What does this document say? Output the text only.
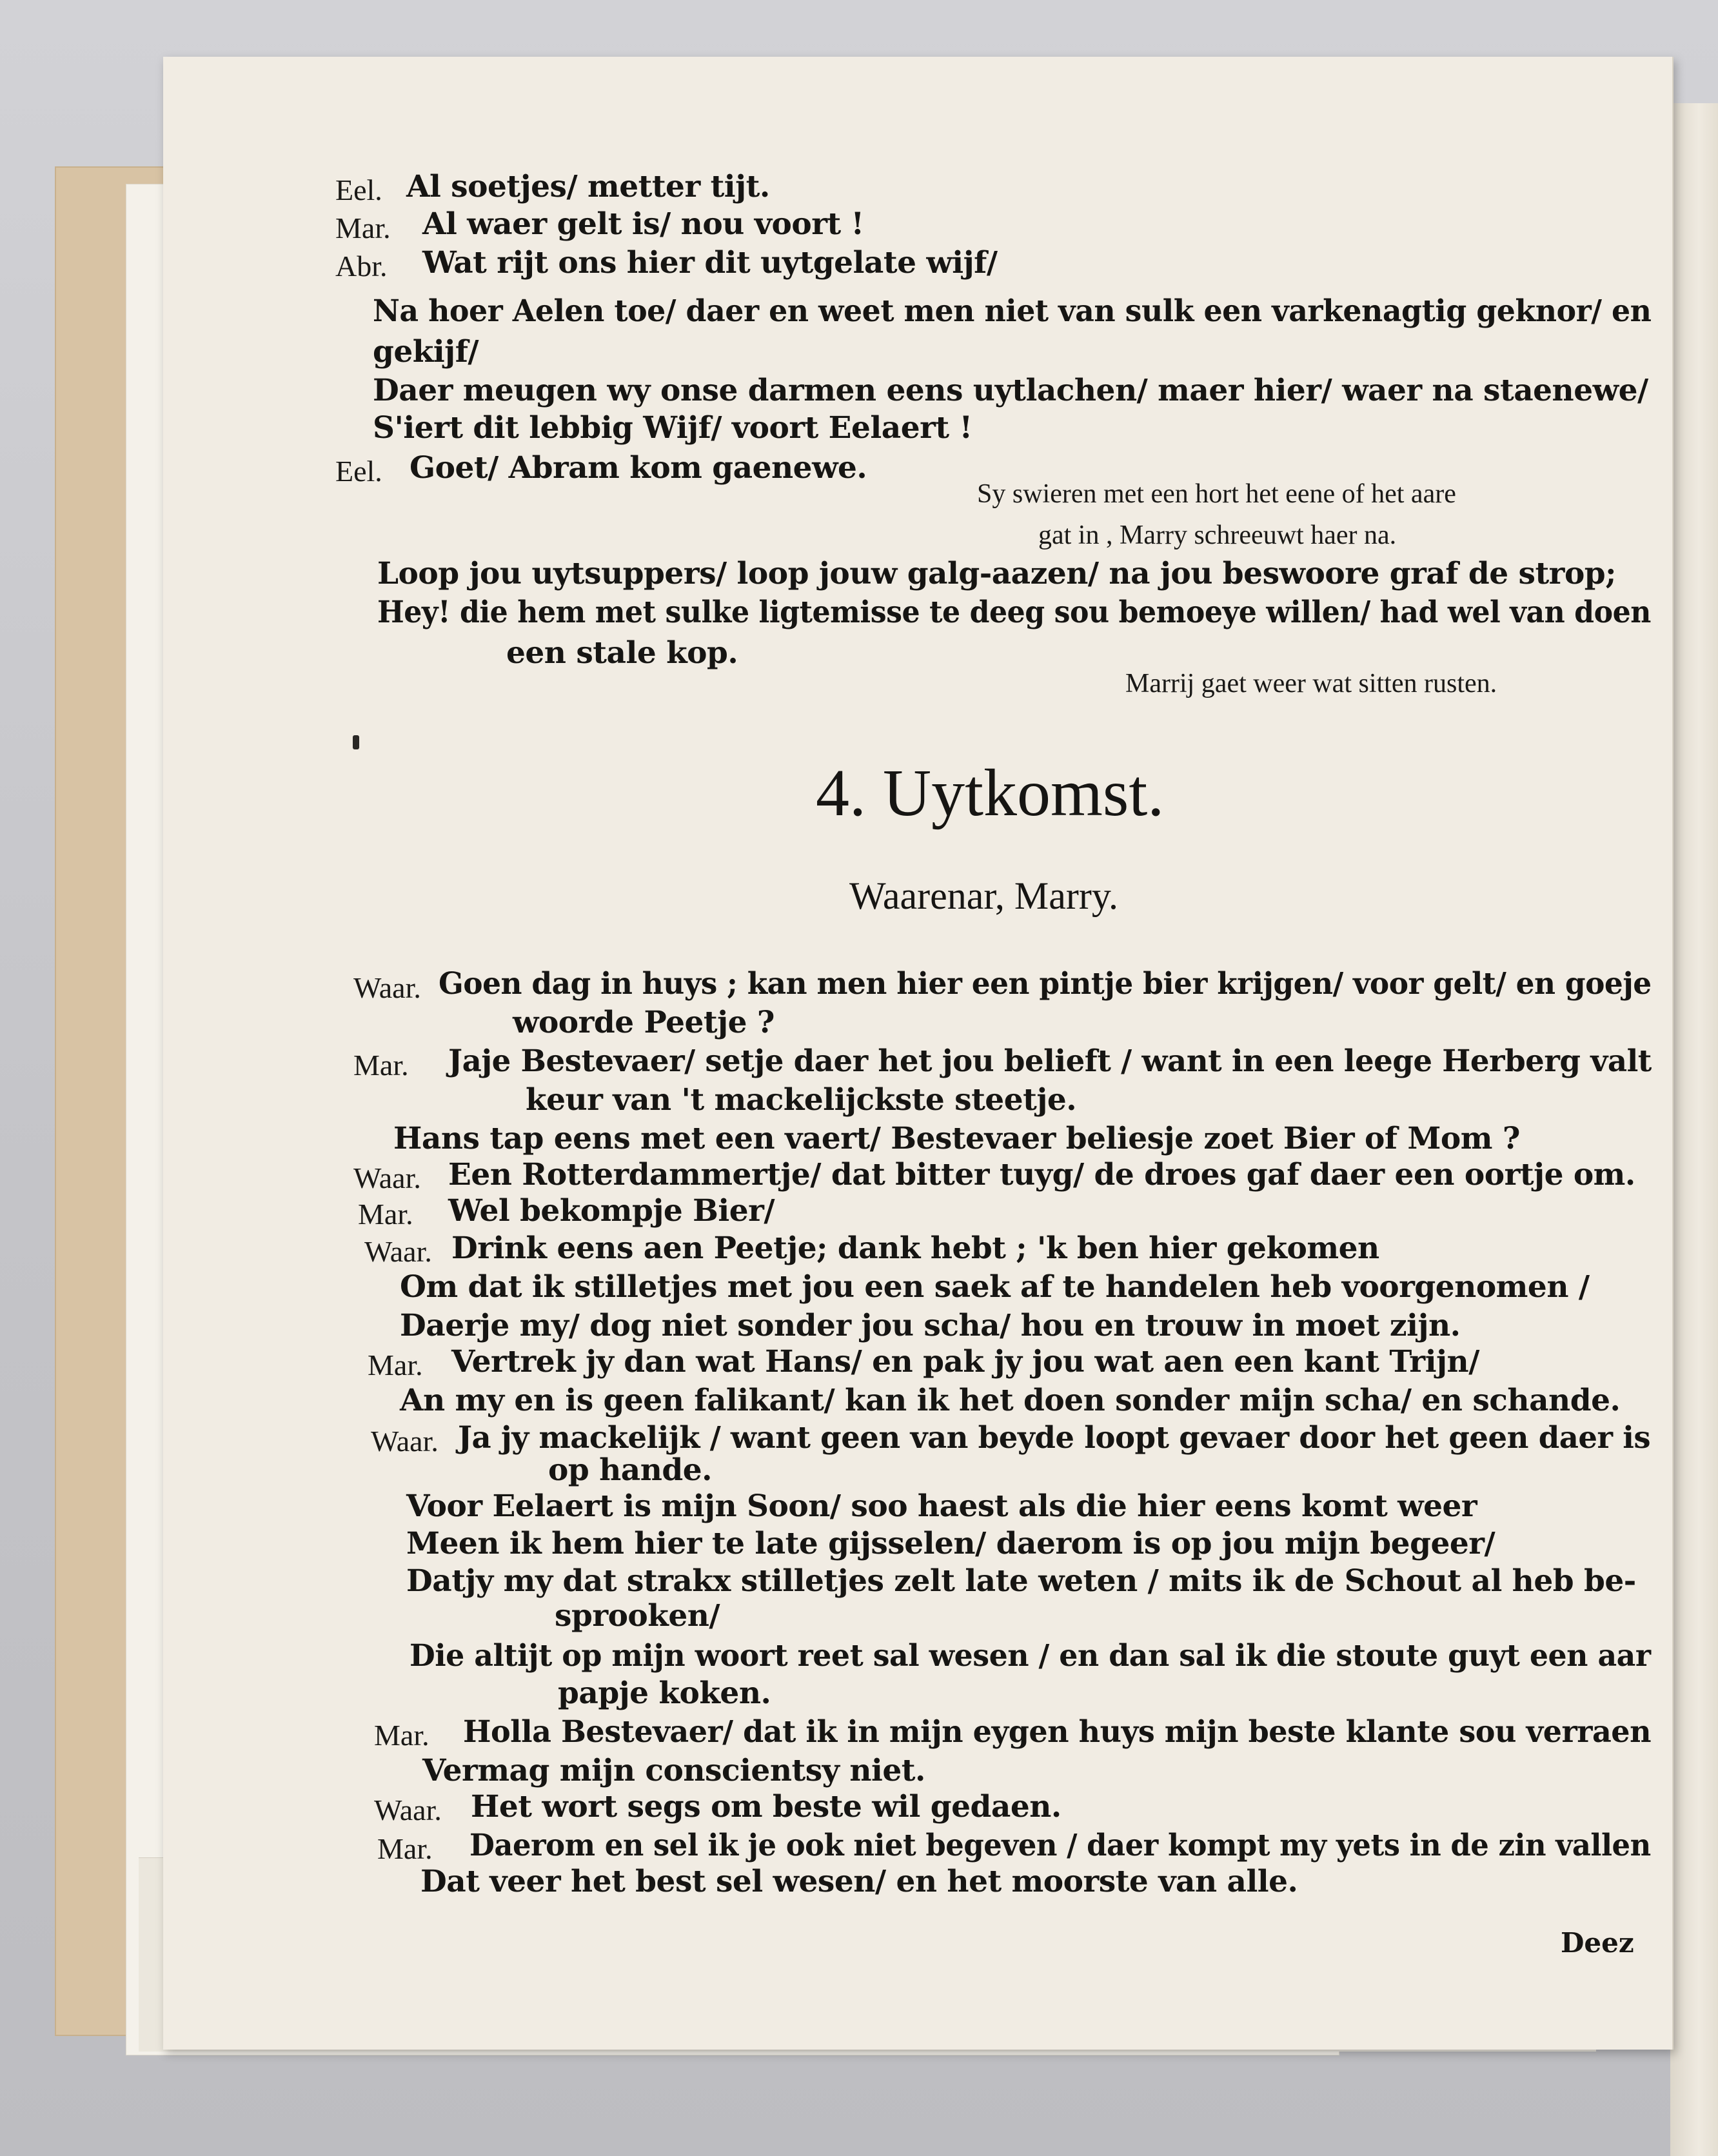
Eel. Al soetjes/ metter tijt.
Mar. Al waer gelt is/ nou voort !
Abr. Wat rijt ons hier dit uytgelate wijf/
Na hoer Aelen toe/ daer en weet men niet van sulk een varkenagtig geknor/ en
gekijf/
Daer meugen wy onse darmen eens uytlachen/ maer hier/ waer na staenewe/
S'iert dit lebbig Wijf/ voort Eelaert !
Eel. Goet/ Abram kom gaenewe.
Sy swieren met een hort het eene of het aare
gat in , Marry schreeuwt haer na.
Loop jou uytsuppers/ loop jouw galg-aazen/ na jou beswoore graf de strop;
Hey! die hem met sulke ligtemisse te deeg sou bemoeye willen/ had wel van doen
een stale kop.
Marrij gaet weer wat sitten rusten.
4. Uytkomst.
Waarenar, Marry.
Waar. Goen dag in huys ; kan men hier een pintje bier krijgen/ voor gelt/ en goeje
woorde Peetje ?
Mar. Jaje Bestevaer/ setje daer het jou belieft / want in een leege Herberg valt
keur van 't mackelijckste steetje.
Hans tap eens met een vaert/ Bestevaer beliesje zoet Bier of Mom ?
Waar. Een Rotterdammertje/ dat bitter tuyg/ de droes gaf daer een oortje om.
Mar. Wel bekompje Bier/
Waar. Drink eens aen Peetje; dank hebt ; 'k ben hier gekomen
Om dat ik stilletjes met jou een saek af te handelen heb voorgenomen /
Daerje my/ dog niet sonder jou scha/ hou en trouw in moet zijn.
Mar. Vertrek jy dan wat Hans/ en pak jy jou wat aen een kant Trijn/
An my en is geen falikant/ kan ik het doen sonder mijn scha/ en schande.
Waar. Ja jy mackelijk / want geen van beyde loopt gevaer door het geen daer is
op hande.
Voor Eelaert is mijn Soon/ soo haest als die hier eens komt weer
Meen ik hem hier te late gijsselen/ daerom is op jou mijn begeer/
Datjy my dat strakx stilletjes zelt late weten / mits ik de Schout al heb be-
sprooken/
Die altijt op mijn woort reet sal wesen / en dan sal ik die stoute guyt een aar
papje koken.
Mar. Holla Bestevaer/ dat ik in mijn eygen huys mijn beste klante sou verraen
Vermag mijn conscientsy niet.
Waar. Het wort segs om beste wil gedaen.
Mar. Daerom en sel ik je ook niet begeven / daer kompt my yets in de zin vallen
Dat veer het best sel wesen/ en het moorste van alle.
Deez
